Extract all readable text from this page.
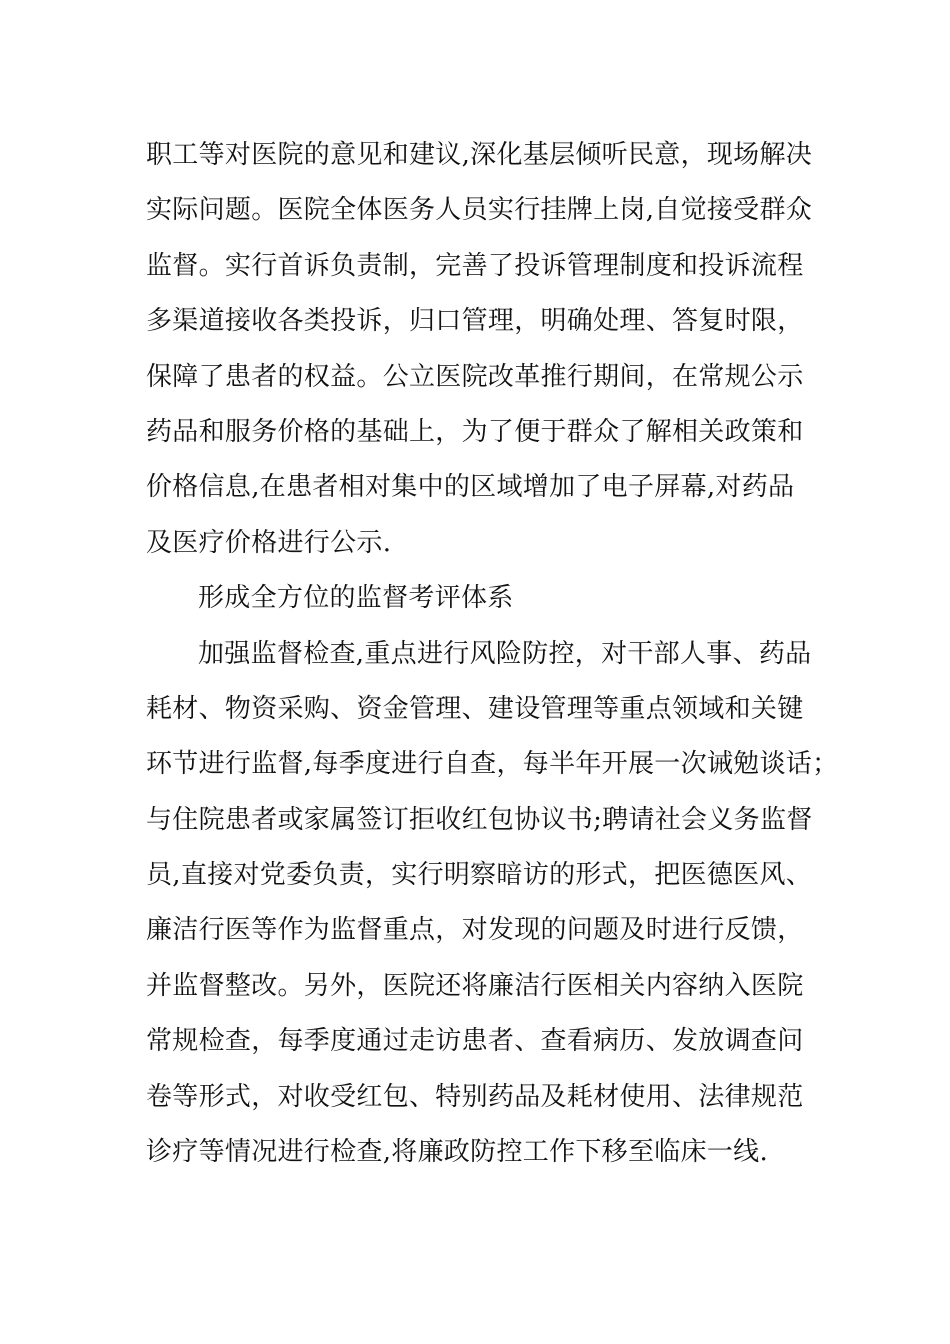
职工等对医院的意见和建议,深化基层倾听民意，现场解决
实际问题。医院全体医务人员实行挂牌上岗,自觉接受群众
监督。实行首诉负责制，完善了投诉管理制度和投诉流程
多渠道接收各类投诉，归口管理，明确处理、答复时限，
保障了患者的权益。公立医院改革推行期间，在常规公示
药品和服务价格的基础上，为了便于群众了解相关政策和
价格信息,在患者相对集中的区域增加了电子屏幕,对药品
及医疗价格进行公示.
形成全方位的监督考评体系
加强监督检查,重点进行风险防控，对干部人事、药品
耗材、物资采购、资金管理、建设管理等重点领域和关键
环节进行监督,每季度进行自查，每半年开展一次诫勉谈话；
与住院患者或家属签订拒收红包协议书;聘请社会义务监督
员,直接对党委负责，实行明察暗访的形式，把医德医风、
廉洁行医等作为监督重点，对发现的问题及时进行反馈，
并监督整改。另外，医院还将廉洁行医相关内容纳入医院
常规检查，每季度通过走访患者、查看病历、发放调查问
卷等形式，对收受红包、特别药品及耗材使用、法律规范
诊疗等情况进行检查,将廉政防控工作下移至临床一线.
